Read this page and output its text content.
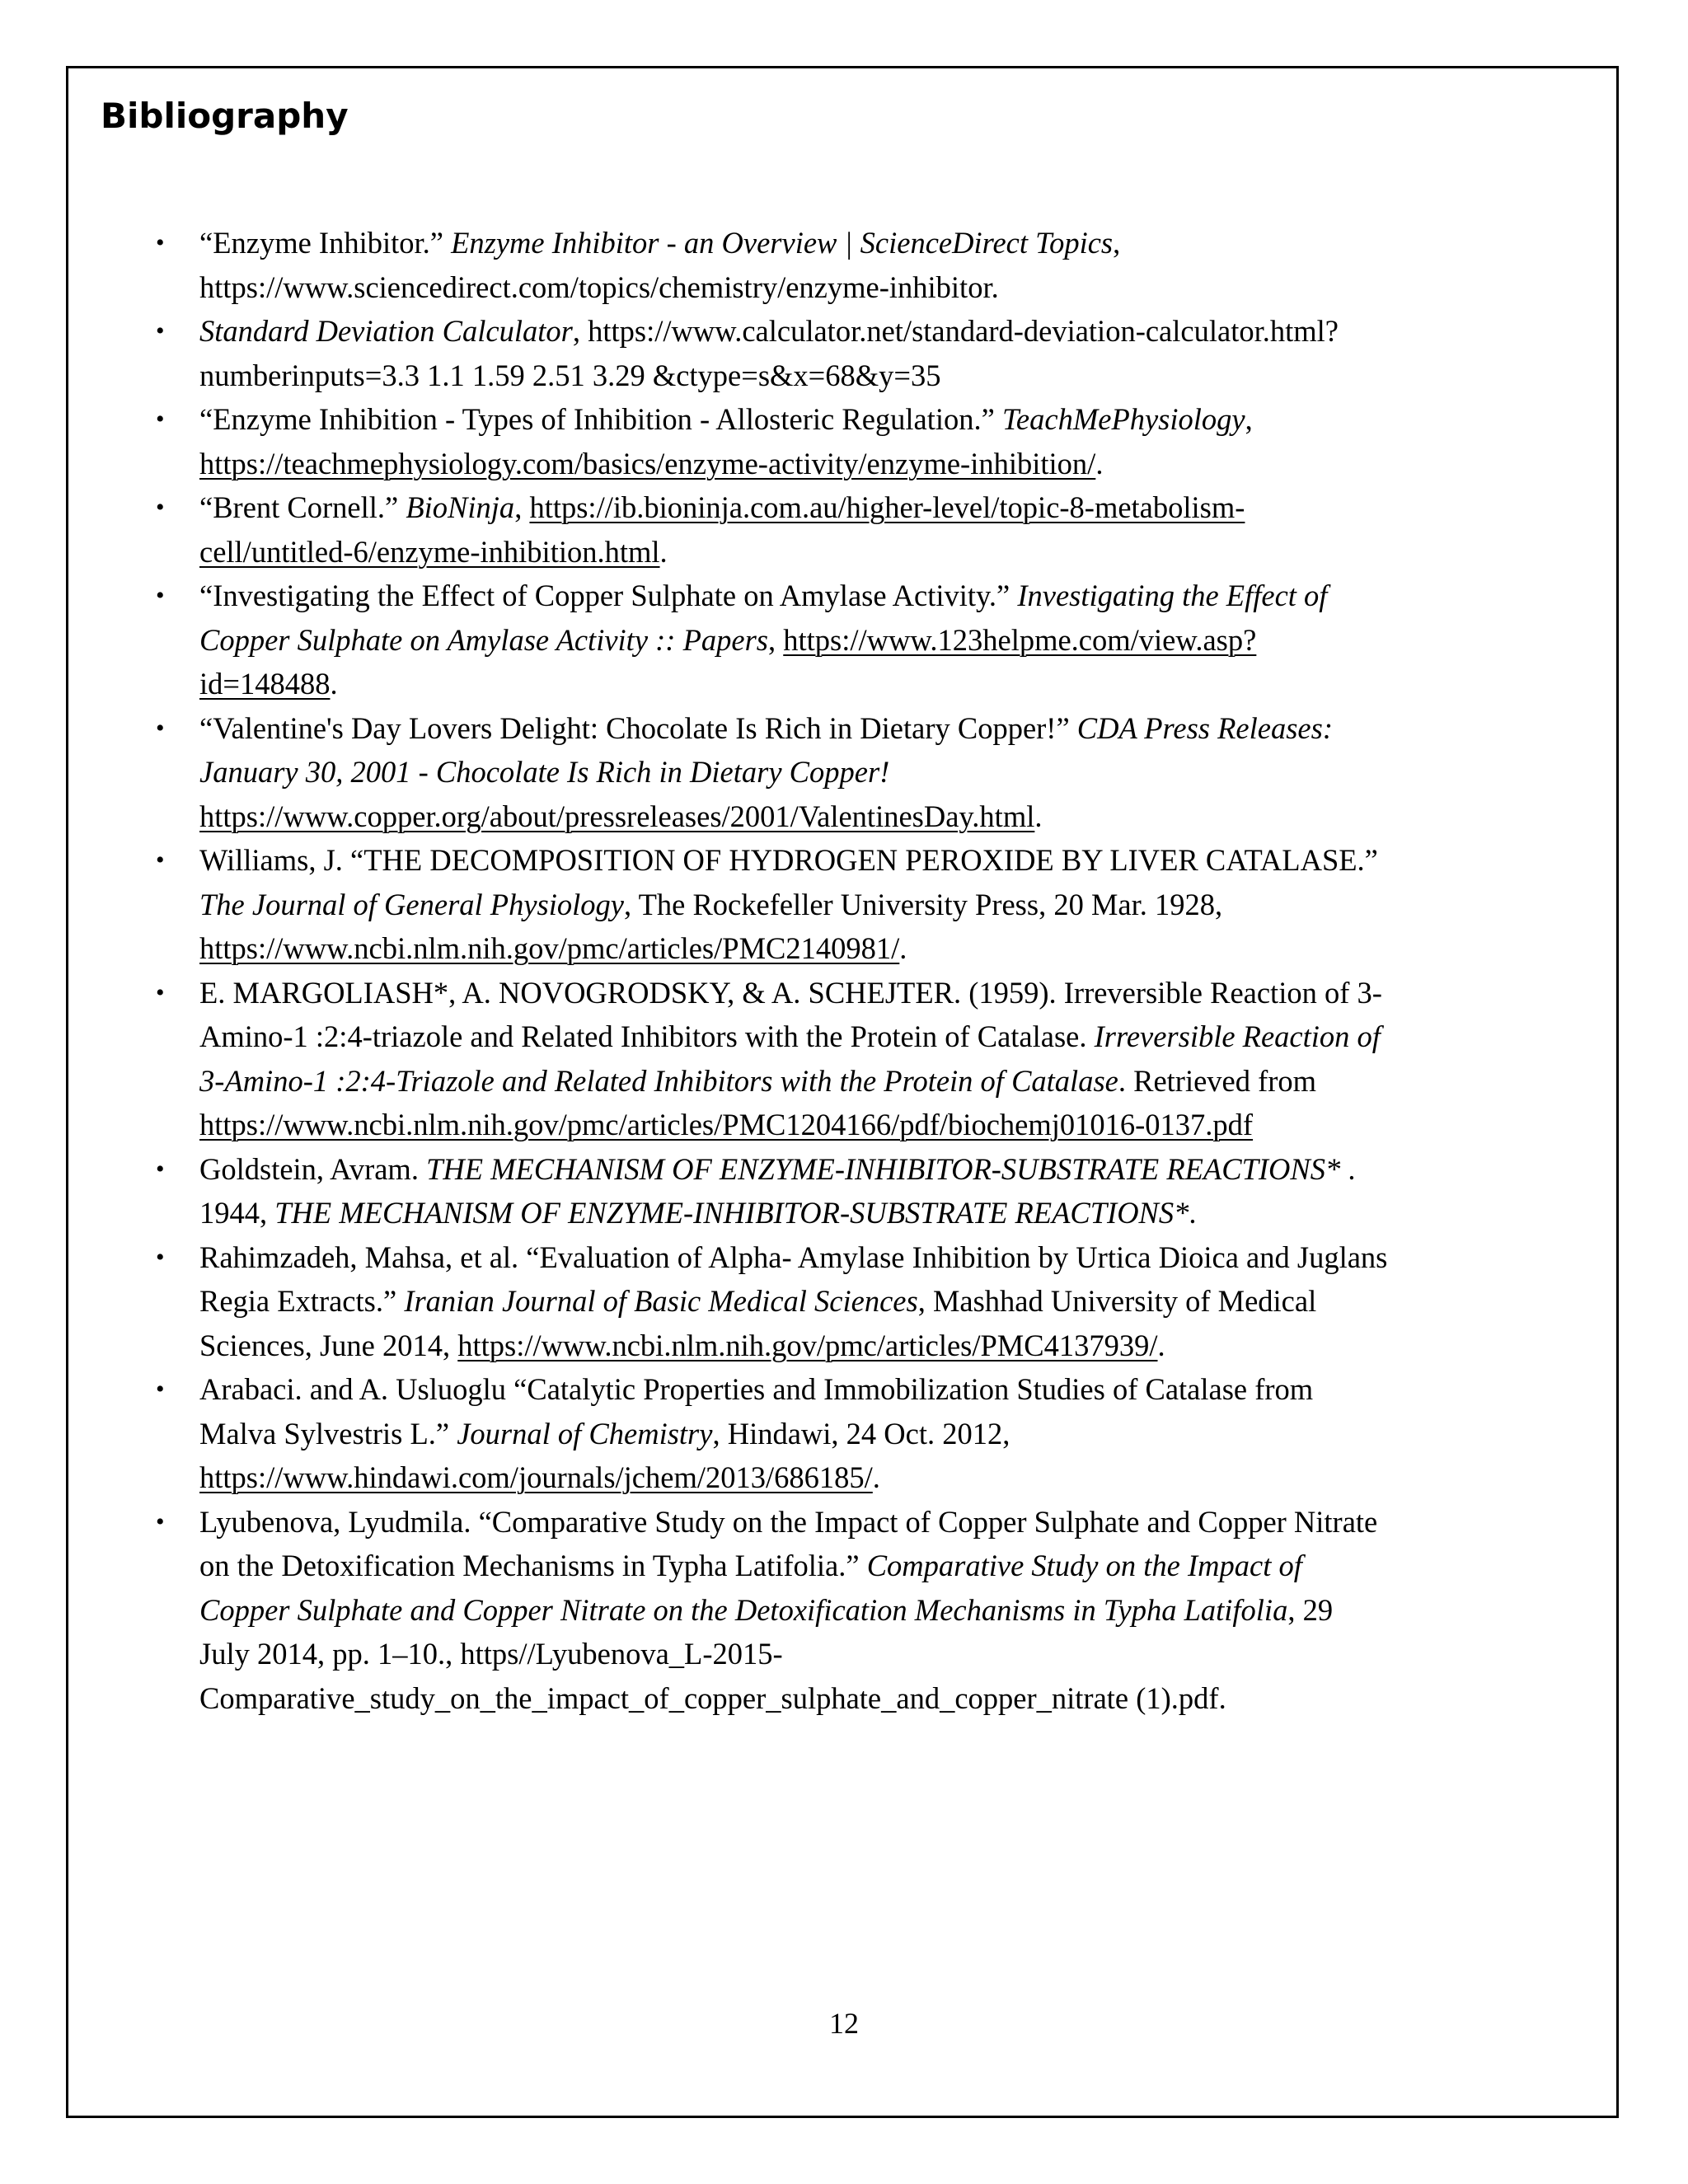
Bibliography
• “Enzyme Inhibitor.” Enzyme Inhibitor - an Overview | ScienceDirect Topics, https://www.sciencedirect.com/topics/chemistry/enzyme-inhibitor.
• Standard Deviation Calculator, https://www.calculator.net/standard-deviation-calculator.html?numberinputs=3.3 1.1 1.59 2.51 3.29 &ctype=s&x=68&y=35
• “Enzyme Inhibition - Types of Inhibition - Allosteric Regulation.” TeachMePhysiology, https://teachmephysiology.com/basics/enzyme-activity/enzyme-inhibition/.
• “Brent Cornell.” BioNinja, https://ib.bioninja.com.au/higher-level/topic-8-metabolism-cell/untitled-6/enzyme-inhibition.html.
• “Investigating the Effect of Copper Sulphate on Amylase Activity.” Investigating the Effect of Copper Sulphate on Amylase Activity :: Papers, https://www.123helpme.com/view.asp?id=148488.
• “Valentine's Day Lovers Delight: Chocolate Is Rich in Dietary Copper!” CDA Press Releases: January 30, 2001 - Chocolate Is Rich in Dietary Copper! https://www.copper.org/about/pressreleases/2001/ValentinesDay.html.
• Williams, J. “THE DECOMPOSITION OF HYDROGEN PEROXIDE BY LIVER CATALASE.” The Journal of General Physiology, The Rockefeller University Press, 20 Mar. 1928, https://www.ncbi.nlm.nih.gov/pmc/articles/PMC2140981/.
• E. MARGOLIASH*, A. NOVOGRODSKY, & A. SCHEJTER. (1959). Irreversible Reaction of 3-Amino-1 :2:4-triazole and Related Inhibitors with the Protein of Catalase. Irreversible Reaction of 3-Amino-1 :2:4-Triazole and Related Inhibitors with the Protein of Catalase. Retrieved from https://www.ncbi.nlm.nih.gov/pmc/articles/PMC1204166/pdf/biochemj01016-0137.pdf
• Goldstein, Avram. THE MECHANISM OF ENZYME-INHIBITOR-SUBSTRATE REACTIONS* . 1944, THE MECHANISM OF ENZYME-INHIBITOR-SUBSTRATE REACTIONS*.
• Rahimzadeh, Mahsa, et al. “Evaluation of Alpha- Amylase Inhibition by Urtica Dioica and Juglans Regia Extracts.” Iranian Journal of Basic Medical Sciences, Mashhad University of Medical Sciences, June 2014, https://www.ncbi.nlm.nih.gov/pmc/articles/PMC4137939/.
• Arabaci. and A. Usluoglu “Catalytic Properties and Immobilization Studies of Catalase from Malva Sylvestris L.” Journal of Chemistry, Hindawi, 24 Oct. 2012, https://www.hindawi.com/journals/jchem/2013/686185/.
• Lyubenova, Lyudmila. “Comparative Study on the Impact of Copper Sulphate and Copper Nitrate on the Detoxification Mechanisms in Typha Latifolia.” Comparative Study on the Impact of Copper Sulphate and Copper Nitrate on the Detoxification Mechanisms in Typha Latifolia, 29 July 2014, pp. 1–10., https//Lyubenova_L-2015-Comparative_study_on_the_impact_of_copper_sulphate_and_copper_nitrate (1).pdf.
12
